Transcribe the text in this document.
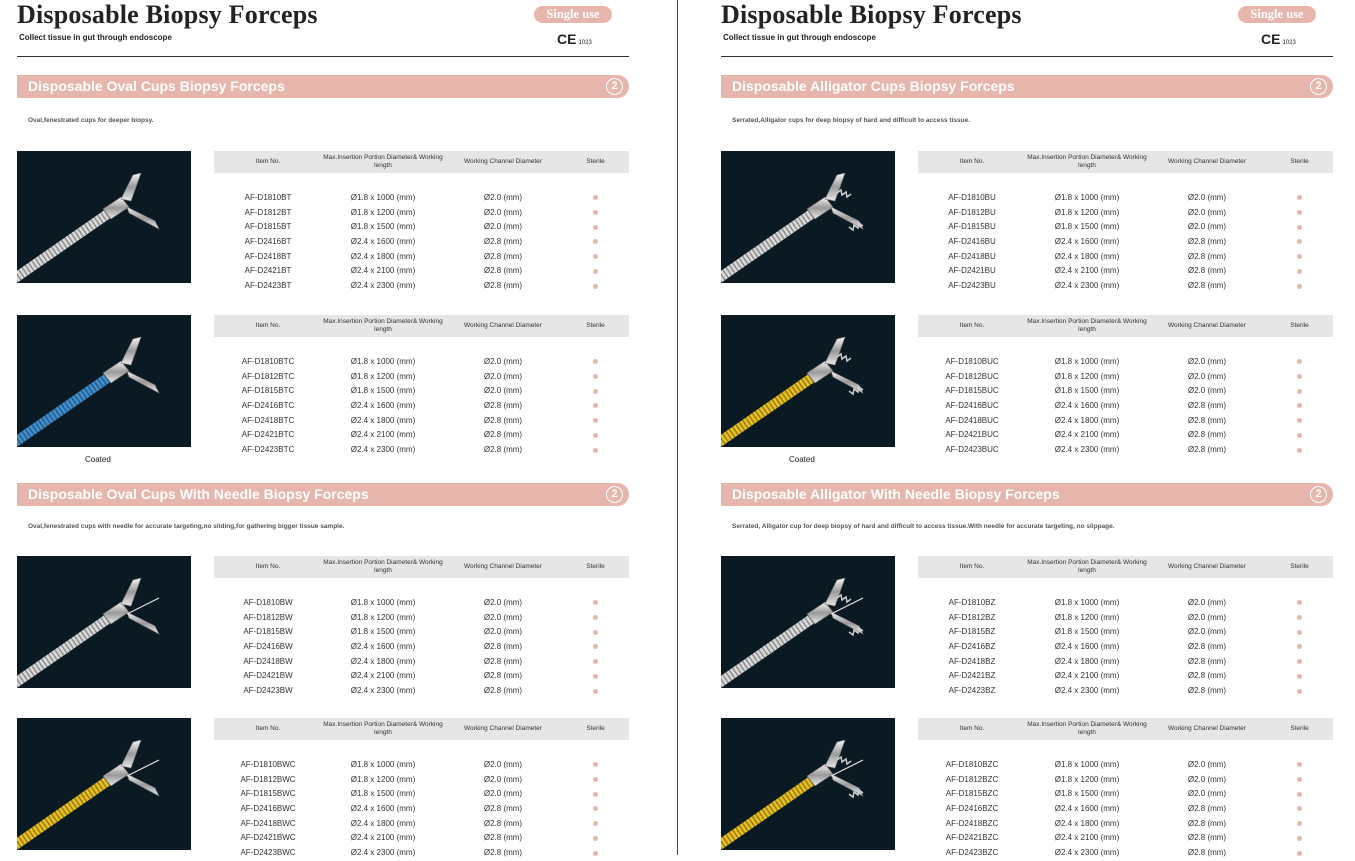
Disposable Biopsy Forceps
Collect tissue in gut through endoscope
Single use
CE 1023
Disposable Oval Cups Biopsy Forceps	2
Oval,fenestrated cups for deeper biopsy.
Item No.
Max.Insertion Portion Diameter& Working length
Working Channel Diameter	Sterile
AF-D1810BT	Ø1.8 x 1000 (mm)	Ø2.0 (mm)
AF-D1812BT	Ø1.8 x 1200 (mm)	Ø2.0 (mm)
AF-D1815BT	Ø1.8 x 1500 (mm)	Ø2.0 (mm)
AF-D2416BT	Ø2.4 x 1600 (mm)	Ø2.8 (mm)
AF-D2418BT	Ø2.4 x 1800 (mm)	Ø2.8 (mm)
AF-D2421BT	Ø2.4 x 2100 (mm)	Ø2.8 (mm)
AF-D2423BT	Ø2.4 x 2300 (mm)	Ø2.8 (mm)
Coated
Item No.
Max.Insertion Portion Diameter& Working length
Working Channel Diameter	Sterile
AF-D1810BTC	Ø1.8 x 1000 (mm)	Ø2.0 (mm)
AF-D1812BTC	Ø1.8 x 1200 (mm)	Ø2.0 (mm)
AF-D1815BTC	Ø1.8 x 1500 (mm)	Ø2.0 (mm)
AF-D2416BTC	Ø2.4 x 1600 (mm)	Ø2.8 (mm)
AF-D2418BTC	Ø2.4 x 1800 (mm)	Ø2.8 (mm)
AF-D2421BTC	Ø2.4 x 2100 (mm)	Ø2.8 (mm)
AF-D2423BTC	Ø2.4 x 2300 (mm)	Ø2.8 (mm)
Disposable Oval Cups With Needle Biopsy Forceps	2
Oval,fenestrated cups with needle for accurate targeting,no sliding,for gathering bigger tissue sample.
Item No.
Max.Insertion Portion Diameter& Working length
Working Channel Diameter	Sterile
AF-D1810BW	Ø1.8 x 1000 (mm)	Ø2.0 (mm)
AF-D1812BW	Ø1.8 x 1200 (mm)	Ø2.0 (mm)
AF-D1815BW	Ø1.8 x 1500 (mm)	Ø2.0 (mm)
AF-D2416BW	Ø2.4 x 1600 (mm)	Ø2.8 (mm)
AF-D2418BW	Ø2.4 x 1800 (mm)	Ø2.8 (mm)
AF-D2421BW	Ø2.4 x 2100 (mm)	Ø2.8 (mm)
AF-D2423BW	Ø2.4 x 2300 (mm)	Ø2.8 (mm)
Item No.
Max.Insertion Portion Diameter& Working length
Working Channel Diameter	Sterile
AF-D1810BWC	Ø1.8 x 1000 (mm)	Ø2.0 (mm)
AF-D1812BWC	Ø1.8 x 1200 (mm)	Ø2.0 (mm)
AF-D1815BWC	Ø1.8 x 1500 (mm)	Ø2.0 (mm)
AF-D2416BWC	Ø2.4 x 1600 (mm)	Ø2.8 (mm)
AF-D2418BWC	Ø2.4 x 1800 (mm)	Ø2.8 (mm)
AF-D2421BWC	Ø2.4 x 2100 (mm)	Ø2.8 (mm)
AF-D2423BWC	Ø2.4 x 2300 (mm)	Ø2.8 (mm)
Disposable Biopsy Forceps
Collect tissue in gut through endoscope
Single use
CE 1023
Disposable Alligator Cups Biopsy Forceps	2
Serrated,Alligator cups for deep biopsy of hard and difficult to access tissue.
Item No.
Max.Insertion Portion Diameter& Working length
Working Channel Diameter	Sterile
AF-D1810BU	Ø1.8 x 1000 (mm)	Ø2.0 (mm)
AF-D1812BU	Ø1.8 x 1200 (mm)	Ø2.0 (mm)
AF-D1815BU	Ø1.8 x 1500 (mm)	Ø2.0 (mm)
AF-D2416BU	Ø2.4 x 1600 (mm)	Ø2.8 (mm)
AF-D2418BU	Ø2.4 x 1800 (mm)	Ø2.8 (mm)
AF-D2421BU	Ø2.4 x 2100 (mm)	Ø2.8 (mm)
AF-D2423BU	Ø2.4 x 2300 (mm)	Ø2.8 (mm)
Coated
Item No.
Max.Insertion Portion Diameter& Working length
Working Channel Diameter	Sterile
AF-D1810BUC	Ø1.8 x 1000 (mm)	Ø2.0 (mm)
AF-D1812BUC	Ø1.8 x 1200 (mm)	Ø2.0 (mm)
AF-D1815BUC	Ø1.8 x 1500 (mm)	Ø2.0 (mm)
AF-D2416BUC	Ø2.4 x 1600 (mm)	Ø2.8 (mm)
AF-D2418BUC	Ø2.4 x 1800 (mm)	Ø2.8 (mm)
AF-D2421BUC	Ø2.4 x 2100 (mm)	Ø2.8 (mm)
AF-D2423BUC	Ø2.4 x 2300 (mm)	Ø2.8 (mm)
Disposable Alligator With Needle Biopsy Forceps	2
Serrated, Alligator cup for deep biopsy of hard and difficult to access tissue.With needle for accurate targeting, no slippage.
Item No.
Max.Insertion Portion Diameter& Working length
Working Channel Diameter	Sterile
AF-D1810BZ	Ø1.8 x 1000 (mm)	Ø2.0 (mm)
AF-D1812BZ	Ø1.8 x 1200 (mm)	Ø2.0 (mm)
AF-D1815BZ	Ø1.8 x 1500 (mm)	Ø2.0 (mm)
AF-D2416BZ	Ø2.4 x 1600 (mm)	Ø2.8 (mm)
AF-D2418BZ	Ø2.4 x 1800 (mm)	Ø2.8 (mm)
AF-D2421BZ	Ø2.4 x 2100 (mm)	Ø2.8 (mm)
AF-D2423BZ	Ø2.4 x 2300 (mm)	Ø2.8 (mm)
Item No.
Max.Insertion Portion Diameter& Working length
Working Channel Diameter	Sterile
AF-D1810BZC	Ø1.8 x 1000 (mm)	Ø2.0 (mm)
AF-D1812BZC	Ø1.8 x 1200 (mm)	Ø2.0 (mm)
AF-D1815BZC	Ø1.8 x 1500 (mm)	Ø2.0 (mm)
AF-D2416BZC	Ø2.4 x 1600 (mm)	Ø2.8 (mm)
AF-D2418BZC	Ø2.4 x 1800 (mm)	Ø2.8 (mm)
AF-D2421BZC	Ø2.4 x 2100 (mm)	Ø2.8 (mm)
AF-D2423BZC	Ø2.4 x 2300 (mm)	Ø2.8 (mm)
